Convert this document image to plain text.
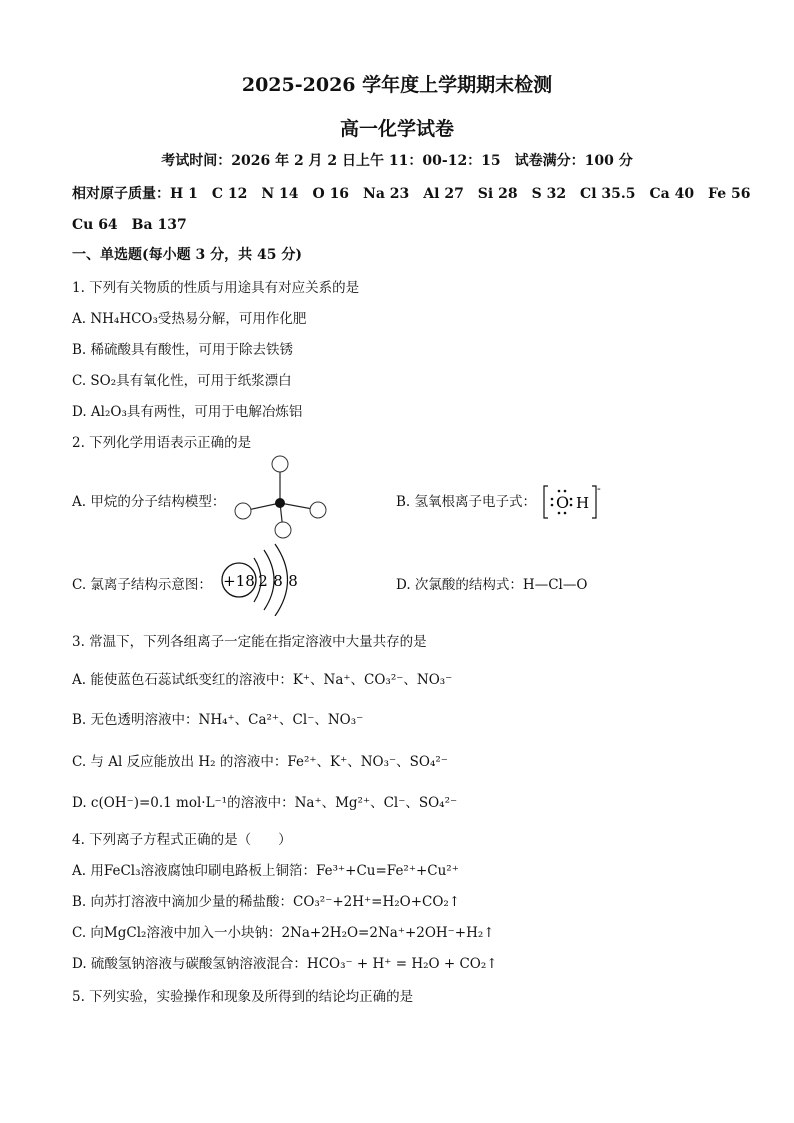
2025-2026 学年度上学期期末检测
高一化学试卷
考试时间：2026 年 2 月 2 日上午 11：00-12：15　试卷满分：100 分
相对原子质量：H 1　C 12　N 14　O 16　Na 23　Al 27　Si 28　S 32　Cl 35.5　Ca 40　Fe 56
Cu 64　Ba 137
一、单选题(每小题 3 分，共 45 分)
1. 下列有关物质的性质与用途具有对应关系的是
A. NH₄HCO₃受热易分解，可用作化肥
B. 稀硫酸具有酸性，可用于除去铁锈
C. SO₂具有氧化性，可用于纸浆漂白
D. Al₂O₃具有两性，可用于电解冶炼铝
2. 下列化学用语表示正确的是
A. 甲烷的分子结构模型：	B. 氢氧根离子电子式： O H
-
C. 氯离子结构示意图： +18 2 8 8	D. 次氯酸的结构式：H—Cl—O
3. 常温下，下列各组离子一定能在指定溶液中大量共存的是
A. 能使蓝色石蕊试纸变红的溶液中：K⁺、Na⁺、CO₃²⁻、NO₃⁻
B. 无色透明溶液中：NH₄⁺、Ca²⁺、Cl⁻、NO₃⁻
C. 与 Al 反应能放出 H₂ 的溶液中：Fe²⁺、K⁺、NO₃⁻、SO₄²⁻
D. c(OH⁻)=0.1 mol·L⁻¹的溶液中：Na⁺、Mg²⁺、Cl⁻、SO₄²⁻
4. 下列离子方程式正确的是（　　）
A. 用FeCl₃溶液腐蚀印刷电路板上铜箔：Fe³⁺+Cu=Fe²⁺+Cu²⁺
B. 向苏打溶液中滴加少量的稀盐酸：CO₃²⁻+2H⁺=H₂O+CO₂↑
C. 向MgCl₂溶液中加入一小块钠：2Na+2H₂O=2Na⁺+2OH⁻+H₂↑
D. 硫酸氢钠溶液与碳酸氢钠溶液混合：HCO₃⁻ + H⁺ = H₂O + CO₂↑
5. 下列实验，实验操作和现象及所得到的结论均正确的是
